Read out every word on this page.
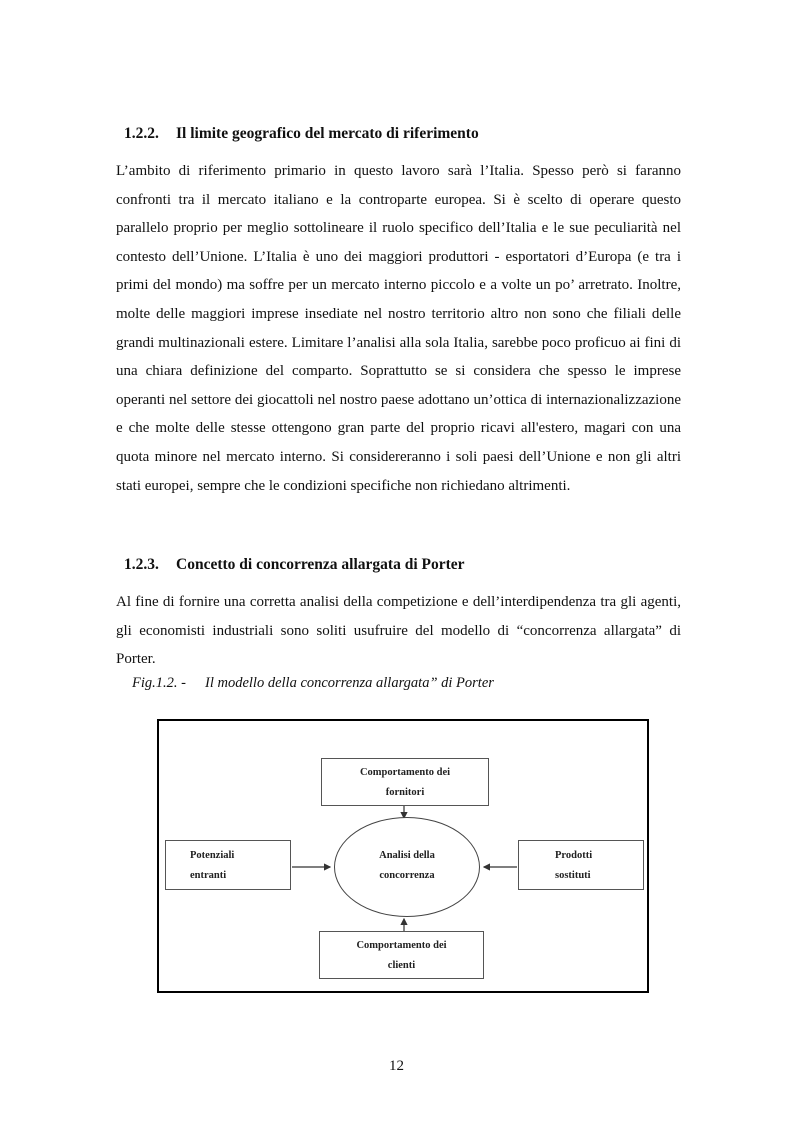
1.2.2. Il limite geografico del mercato di riferimento

L’ambito di riferimento primario in questo lavoro sarà l’Italia. Spesso però si faranno confronti tra il mercato italiano e la controparte europea. Si è scelto di operare questo parallelo proprio per meglio sottolineare il ruolo specifico dell’Italia e le sue peculiarità nel contesto dell’Unione. L’Italia è uno dei maggiori produttori - esportatori d’Europa (e tra i primi del mondo) ma soffre per un mercato interno piccolo e a volte un po’ arretrato. Inoltre, molte delle maggiori imprese insediate nel nostro territorio altro non sono che filiali delle grandi multinazionali estere. Limitare l’analisi alla sola Italia, sarebbe poco proficuo ai fini di una chiara definizione del comparto. Soprattutto se si considera che spesso le imprese operanti nel settore dei giocattoli nel nostro paese adottano un’ottica di internazionalizzazione e che molte delle stesse ottengono gran parte del proprio ricavi all'estero, magari con una quota minore nel mercato interno. Si considereranno i soli paesi dell’Unione e non gli altri stati europei, sempre che le condizioni specifiche non richiedano altrimenti.

1.2.3. Concetto di concorrenza allargata di Porter

Al fine di fornire una corretta analisi della competizione e dell’interdipendenza tra gli agenti, gli economisti industriali sono soliti usufruire del modello di “concorrenza allargata” di Porter.

Fig.1.2. - Il modello della concorrenza allargata” di Porter
Comportamento dei
fornitori
Analisi della
concorrenza
Potenziali
entranti
Prodotti
sostituti
Comportamento dei
clienti
12
